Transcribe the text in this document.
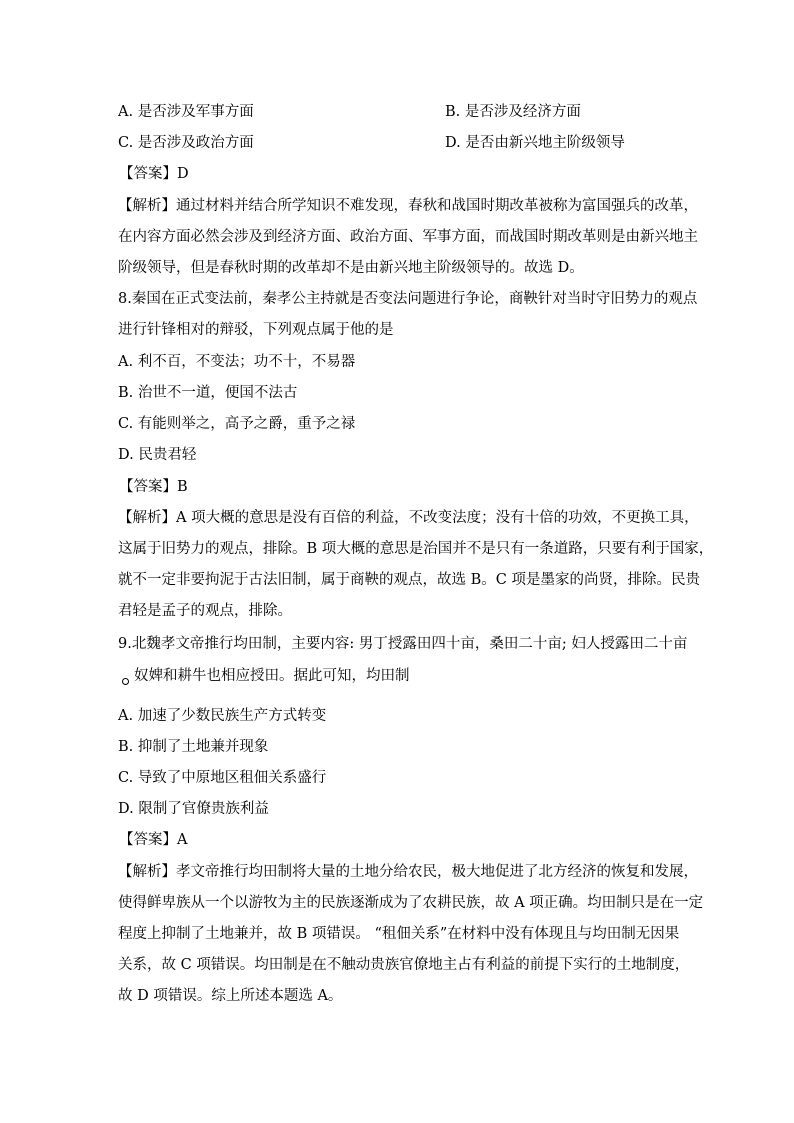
A. 是否涉及军事方面	B. 是否涉及经济方面
C. 是否涉及政治方面	D. 是否由新兴地主阶级领导
【答案】D
【解析】通过材料并结合所学知识不难发现，春秋和战国时期改革被称为富国强兵的改革，
在内容方面必然会涉及到经济方面、政治方面、军事方面，而战国时期改革则是由新兴地主
阶级领导，但是春秋时期的改革却不是由新兴地主阶级领导的。故选 D。
8.秦国在正式变法前，秦孝公主持就是否变法问题进行争论，商鞅针对当时守旧势力的观点
进行针锋相对的辩驳，下列观点属于他的是
A. 利不百，不变法；功不十，不易器
B. 治世不一道，便国不法古
C. 有能则举之，高予之爵，重予之禄
D. 民贵君轻
【答案】B
【解析】A 项大概的意思是没有百倍的利益，不改变法度；没有十倍的功效，不更换工具，
这属于旧势力的观点，排除。B 项大概的意思是治国并不是只有一条道路，只要有利于国家，
就不一定非要拘泥于古法旧制，属于商鞅的观点，故选 B。C 项是墨家的尚贤，排除。民贵
君轻是孟子的观点，排除。
9.北魏孝文帝推行均田制，主要内容: 男丁授露田四十亩，桑田二十亩; 妇人授露田二十亩
奴婢和耕牛也相应授田。据此可知，均田制
A. 加速了少数民族生产方式转变
B. 抑制了土地兼并现象
C. 导致了中原地区租佃关系盛行
D. 限制了官僚贵族利益
【答案】A
【解析】孝文帝推行均田制将大量的土地分给农民，极大地促进了北方经济的恢复和发展，
使得鲜卑族从一个以游牧为主的民族逐渐成为了农耕民族，故 A 项正确。均田制只是在一定
程度上抑制了土地兼并，故 B 项错误。 “租佃关系”在材料中没有体现且与均田制无因果
关系，故 C 项错误。均田制是在不触动贵族官僚地主占有利益的前提下实行的土地制度，
故 D 项错误。综上所述本题选 A。
